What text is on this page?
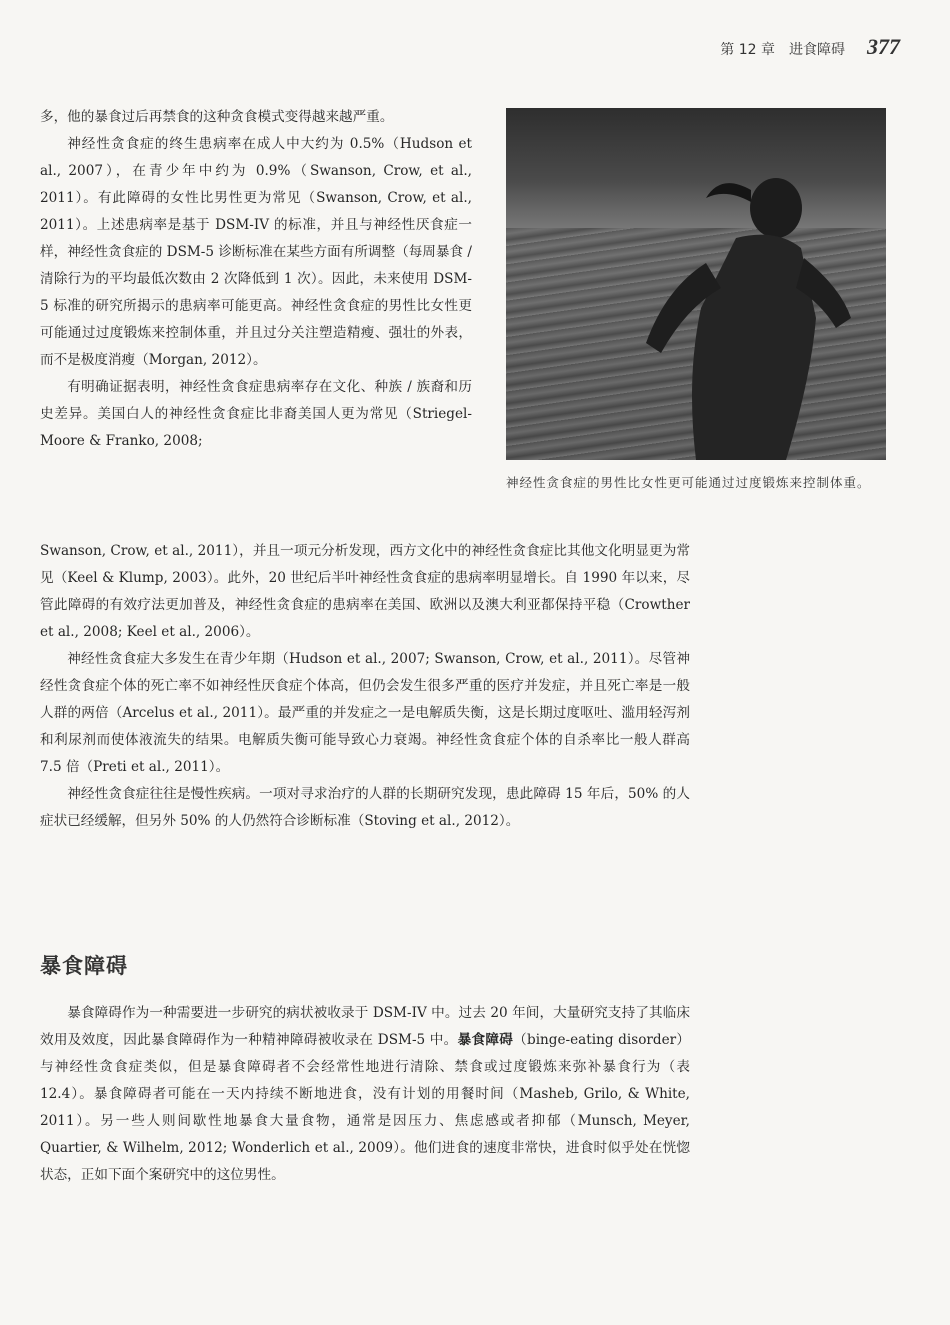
第 12 章 进食障碍 377

多，他的暴食过后再禁食的这种贪食模式变得越来越严重。

神经性贪食症的终生患病率在成人中大约为 0.5%（Hudson et al., 2007），在青少年中约为 0.9%（Swanson, Crow, et al., 2011）。有此障碍的女性比男性更为常见（Swanson, Crow, et al., 2011）。上述患病率是基于 DSM-IV 的标准，并且与神经性厌食症一样，神经性贪食症的 DSM-5 诊断标准在某些方面有所调整（每周暴食 / 清除行为的平均最低次数由 2 次降低到 1 次）。因此，未来使用 DSM-5 标准的研究所揭示的患病率可能更高。神经性贪食症的男性比女性更可能通过过度锻炼来控制体重，并且过分关注塑造精瘦、强壮的外表，而不是极度消瘦（Morgan, 2012）。

有明确证据表明，神经性贪食症患病率存在文化、种族 / 族裔和历史差异。美国白人的神经性贪食症比非裔美国人更为常见（Striegel-Moore & Franko, 2008;

神经性贪食症的男性比女性更可能通过过度锻炼来控制体重。

Swanson, Crow, et al., 2011），并且一项元分析发现，西方文化中的神经性贪食症比其他文化明显更为常见（Keel & Klump, 2003）。此外，20 世纪后半叶神经性贪食症的患病率明显增长。自 1990 年以来，尽管此障碍的有效疗法更加普及，神经性贪食症的患病率在美国、欧洲以及澳大利亚都保持平稳（Crowther et al., 2008; Keel et al., 2006）。

神经性贪食症大多发生在青少年期（Hudson et al., 2007; Swanson, Crow, et al., 2011）。尽管神经性贪食症个体的死亡率不如神经性厌食症个体高，但仍会发生很多严重的医疗并发症，并且死亡率是一般人群的两倍（Arcelus et al., 2011）。最严重的并发症之一是电解质失衡，这是长期过度呕吐、滥用轻泻剂和利尿剂而使体液流失的结果。电解质失衡可能导致心力衰竭。神经性贪食症个体的自杀率比一般人群高 7.5 倍（Preti et al., 2011）。

神经性贪食症往往是慢性疾病。一项对寻求治疗的人群的长期研究发现，患此障碍 15 年后，50% 的人症状已经缓解，但另外 50% 的人仍然符合诊断标准（Stoving et al., 2012）。

暴食障碍

暴食障碍作为一种需要进一步研究的病状被收录于 DSM-IV 中。过去 20 年间，大量研究支持了其临床效用及效度，因此暴食障碍作为一种精神障碍被收录在 DSM-5 中。暴食障碍（binge-eating disorder）与神经性贪食症类似，但是暴食障碍者不会经常性地进行清除、禁食或过度锻炼来弥补暴食行为（表 12.4）。暴食障碍者可能在一天内持续不断地进食，没有计划的用餐时间（Masheb, Grilo, & White, 2011）。另一些人则间歇性地暴食大量食物，通常是因压力、焦虑感或者抑郁（Munsch, Meyer, Quartier, & Wilhelm, 2012; Wonderlich et al., 2009）。他们进食的速度非常快，进食时似乎处在恍惚状态，正如下面个案研究中的这位男性。
